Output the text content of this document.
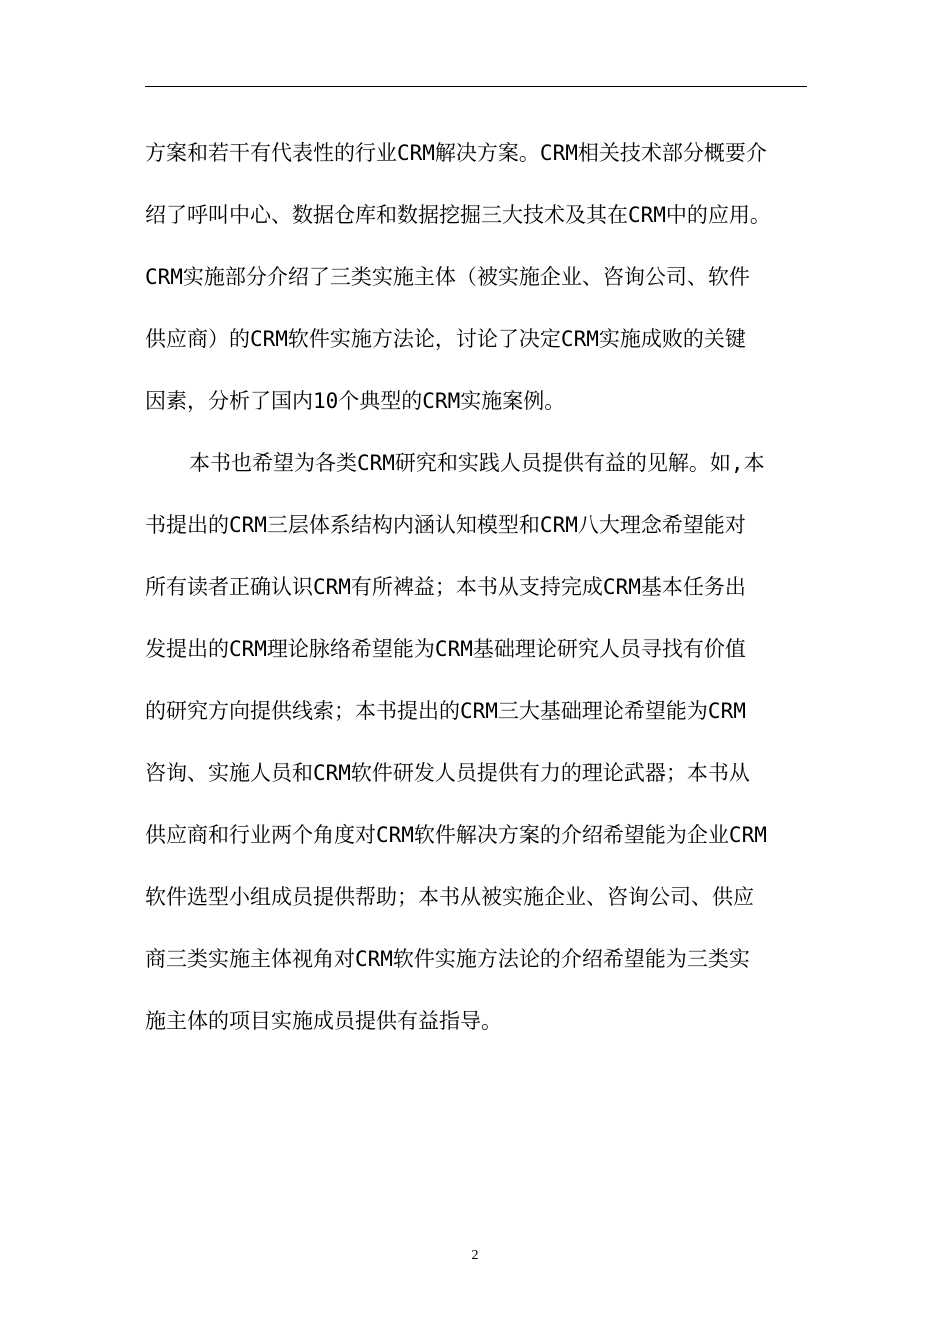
方案和若干有代表性的行业CRM解决方案。CRM相关技术部分概要介
绍了呼叫中心、数据仓库和数据挖掘三大技术及其在CRM中的应用。
CRM实施部分介绍了三类实施主体（被实施企业、咨询公司、软件
供应商）的CRM软件实施方法论，讨论了决定CRM实施成败的关键
因素，分析了国内10个典型的CRM实施案例。
本书也希望为各类CRM研究和实践人员提供有益的见解。如,本
书提出的CRM三层体系结构内涵认知模型和CRM八大理念希望能对
所有读者正确认识CRM有所裨益；本书从支持完成CRM基本任务出
发提出的CRM理论脉络希望能为CRM基础理论研究人员寻找有价值
的研究方向提供线索；本书提出的CRM三大基础理论希望能为CRM
咨询、实施人员和CRM软件研发人员提供有力的理论武器；本书从
供应商和行业两个角度对CRM软件解决方案的介绍希望能为企业CRM
软件选型小组成员提供帮助；本书从被实施企业、咨询公司、供应
商三类实施主体视角对CRM软件实施方法论的介绍希望能为三类实
施主体的项目实施成员提供有益指导。
2
